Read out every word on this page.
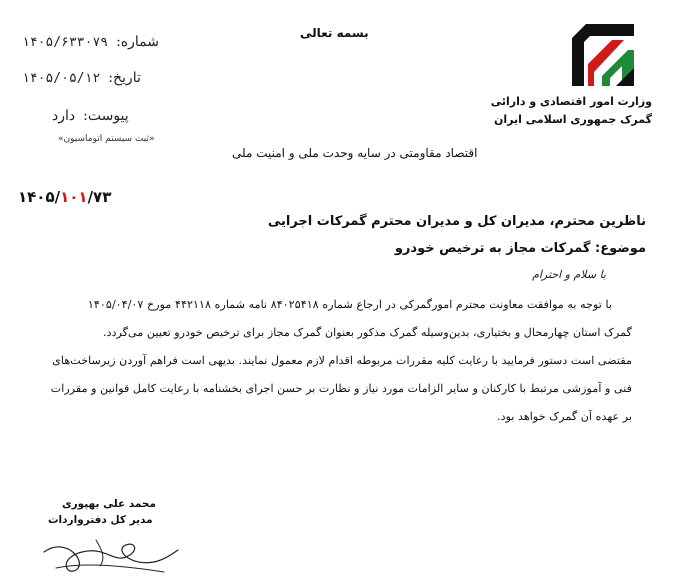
بسمه تعالی
۱۴۰۵/۶۳۳۰۷۹ شماره:
۱۴۰۵/۰۵/۱۲ تاریخ:
دارد پیوست:
«ثبت سیستم اتوماسیون»
وزارت امور اقتصادی و دارائی
گمرک جمهوری اسلامی ایران
اقتصاد مقاومتی در سایه وحدت ملی و امنیت ملی
۱۴۰۵/۱۰۱/۷۳
ناظرین محترم، مدیران کل و مدیران محترم گمرکات اجرایی
موضوع: گمرکات مجاز به ترخیص خودرو
با سلام و احترام
با توجه به موافقت معاونت محترم امورگمرکی در ارجاع شماره ۸۴۰۲۵۴۱۸ نامه شماره ۴۴۲۱۱۸ مورخ ۱۴۰۵/۰۴/۰۷
گمرک استان چهارمحال و بختیاری، بدین‌وسیله گمرک مذکور بعنوان گمرک مجاز برای ترخیص خودرو تعیین می‌گردد.
مقتضی است دستور فرمایید با رعایت کلیه مقررات مربوطه اقدام لازم معمول نمایند. بدیهی است فراهم آوردن زیرساخت‌های
فنی و آموزشی مرتبط با کارکنان و سایر الزامات مورد نیاز و نظارت بر حسن اجرای بخشنامه با رعایت کامل قوانین و مقررات
بر عهده آن گمرک خواهد بود.
محمد علی بهپوری
مدیر کل دفترواردات
